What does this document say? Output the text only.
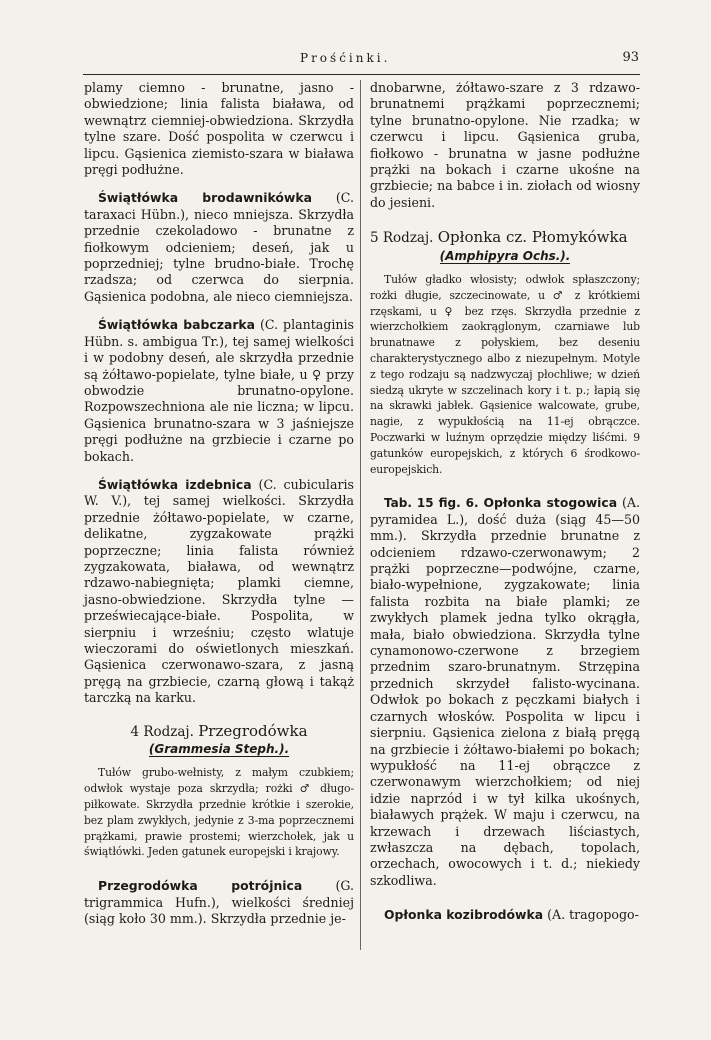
Prośćinki.	93

plamy ciemno - brunatne, jasno - obwiedzione; linia falista biaława, od wewnątrz ciemniej-obwiedziona. Skrzydła tylne szare. Dość pospolita w czerwcu i lipcu. Gąsienica ziemisto-szara w biaława pręgi podłużne.

Świątłówka brodawnikówka (C. taraxaci Hübn.), nieco mniejsza. Skrzydła przednie czekoladowo - brunatne z fiołkowym odcieniem; deseń, jak u poprzedniej; tylne brudno-białe. Trochę rzadsza; od czerwca do sierpnia. Gąsienica podobna, ale nieco ciemniejsza.

Świątłówka babczarka (C. plantaginis Hübn. s. ambigua Tr.), tej samej wielkości i w podobny deseń, ale skrzydła przednie są żółtawo-popielate, tylne białe, u ♀ przy obwodzie brunatno-opylone. Rozpowszechniona ale nie liczna; w lipcu. Gąsienica brunatno-szara w 3 jaśniejsze pręgi podłużne na grzbiecie i czarne po bokach.

Świątłówka izdebnica (C. cubicularis W. V.), tej samej wielkości. Skrzydła przednie żółtawo-popielate, w czarne, delikatne, zygzakowate prążki poprzeczne; linia falista również zygzakowata, biaława, od wewnątrz rdzawo-nabiegnięta; plamki ciemne, jasno-obwiedzione. Skrzydła tylne — przeświecające-białe. Pospolita, w sierpniu i wrześniu; często wlatuje wieczorami do oświetlonych mieszkań. Gąsienica czerwonawo-szara, z jasną pręgą na grzbiecie, czarną głową i takąż tarczką na karku.

4 Rodzaj. Przegrodówka
(Grammesia Steph.).

Tułów grubo-wełnisty, z małym czubkiem; odwłok wystaje poza skrzydła; rożki ♂ długo-piłkowate. Skrzydła przednie krótkie i szerokie, bez plam zwykłych, jedynie z 3-ma poprzecznemi prążkami, prawie prostemi; wierzchołek, jak u świątłówki. Jeden gatunek europejski i krajowy.

Przegrodówka potrójnica	(G. trigrammica Hufn.), wielkości średniej (siąg koło 30 mm.). Skrzydła przednie je-

dnobarwne, żółtawo-szare z 3 rdzawo-brunatnemi prążkami poprzecznemi; tylne brunatno-opylone. Nie rzadka; w czerwcu i lipcu. Gąsienica gruba, fiołkowo - brunatna w jasne podłużne prążki na bokach i czarne ukośne na grzbiecie; na babce i in. ziołach od wiosny do jesieni.

5 Rodzaj. Opłonka cz. Płomykówka
(Amphipyra Ochs.).

Tułów gładko włosisty; odwłok spłaszczony; rożki długie, szczecinowate, u ♂ z krótkiemi rzęskami, u ♀ bez rzęs. Skrzydła przednie z wierzchołkiem zaokrąglonym, czarniawe lub brunatnawe z połyskiem, bez deseniu charakterystycznego albo z niezupełnym. Motyle z tego rodzaju są nadzwyczaj płochliwe; w dzień siedzą ukryte w szczelinach kory i t. p.; łapią się na skrawki jabłek. Gąsienice walcowate, grube, nagie, z wypukłością na 11-ej obrączce. Poczwarki w luźnym oprzędzie między liśćmi. 9 gatunków europejskich, z których 6 środkowo-europejskich.

Tab. 15 fig. 6. Opłonka stogowica (A. pyramidea L.), dość duża (siąg 45—50 mm.). Skrzydła przednie brunatne z odcieniem rdzawo-czerwonawym; 2 prążki poprzeczne—podwójne, czarne, biało-wypełnione, zygzakowate; linia falista rozbita na białe plamki; ze zwykłych plamek jedna tylko okrągła, mała, biało obwiedziona. Skrzydła tylne cynamonowo-czerwone z brzegiem przednim szaro-brunatnym. Strzępina przednich skrzydeł falisto-wycinana. Odwłok po bokach z pęczkami białych i czarnych włosków. Pospolita w lipcu i sierpniu. Gąsienica zielona z białą pręgą na grzbiecie i żółtawo-białemi po bokach; wypukłość na 11-ej obrączce z czerwonawym wierzchołkiem; od niej idzie naprzód i w tył kilka ukośnych, białawych prążek. W maju i czerwcu, na krzewach i drzewach liściastych, zwłaszcza na dębach, topolach, orzechach, owocowych i t. d.; niekiedy szkodliwa.

Opłonka kozibrodówka (A. tragopogo-
